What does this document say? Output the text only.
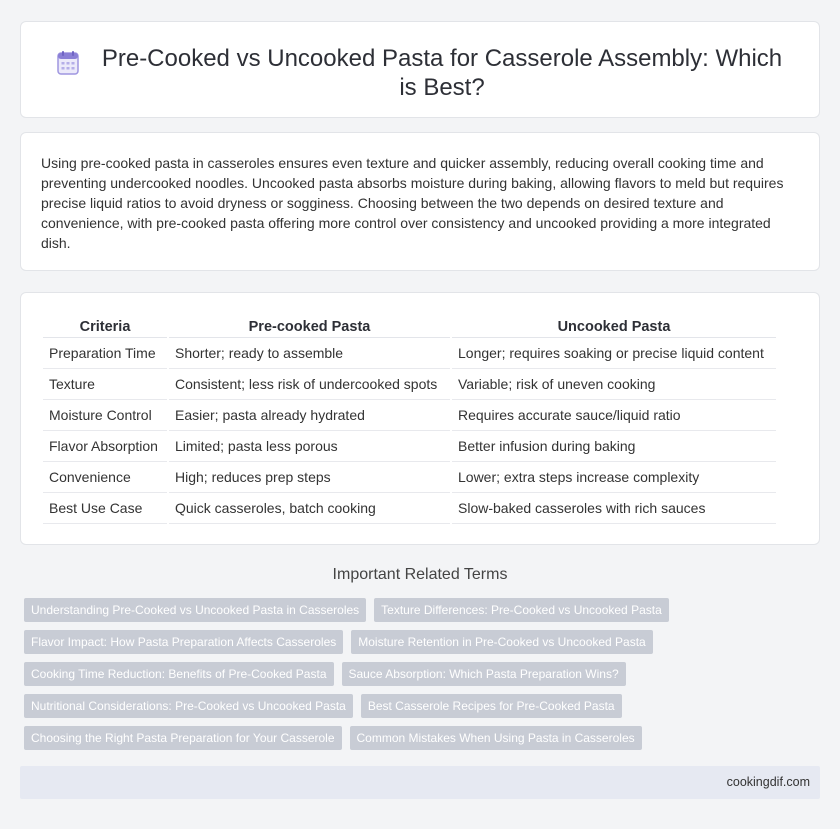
Pre-Cooked vs Uncooked Pasta for Casserole Assembly: Which is Best?

Using pre-cooked pasta in casseroles ensures even texture and quicker assembly, reducing overall cooking time and preventing undercooked noodles. Uncooked pasta absorbs moisture during baking, allowing flavors to meld but requires precise liquid ratios to avoid dryness or sogginess. Choosing between the two depends on desired texture and convenience, with pre-cooked pasta offering more control over consistency and uncooked providing a more integrated dish.

Criteria	Pre-cooked Pasta	Uncooked Pasta
Preparation Time	Shorter; ready to assemble	Longer; requires soaking or precise liquid content
Texture	Consistent; less risk of undercooked spots	Variable; risk of uneven cooking
Moisture Control	Easier; pasta already hydrated	Requires accurate sauce/liquid ratio
Flavor Absorption	Limited; pasta less porous	Better infusion during baking
Convenience	High; reduces prep steps	Lower; extra steps increase complexity
Best Use Case	Quick casseroles, batch cooking	Slow-baked casseroles with rich sauces
Important Related Terms
Understanding Pre-Cooked vs Uncooked Pasta in Casseroles	Texture Differences: Pre-Cooked vs Uncooked Pasta
Flavor Impact: How Pasta Preparation Affects Casseroles	Moisture Retention in Pre-Cooked vs Uncooked Pasta
Cooking Time Reduction: Benefits of Pre-Cooked Pasta	Sauce Absorption: Which Pasta Preparation Wins?
Nutritional Considerations: Pre-Cooked vs Uncooked Pasta	Best Casserole Recipes for Pre-Cooked Pasta
Choosing the Right Pasta Preparation for Your Casserole	Common Mistakes When Using Pasta in Casseroles
cookingdif.com
